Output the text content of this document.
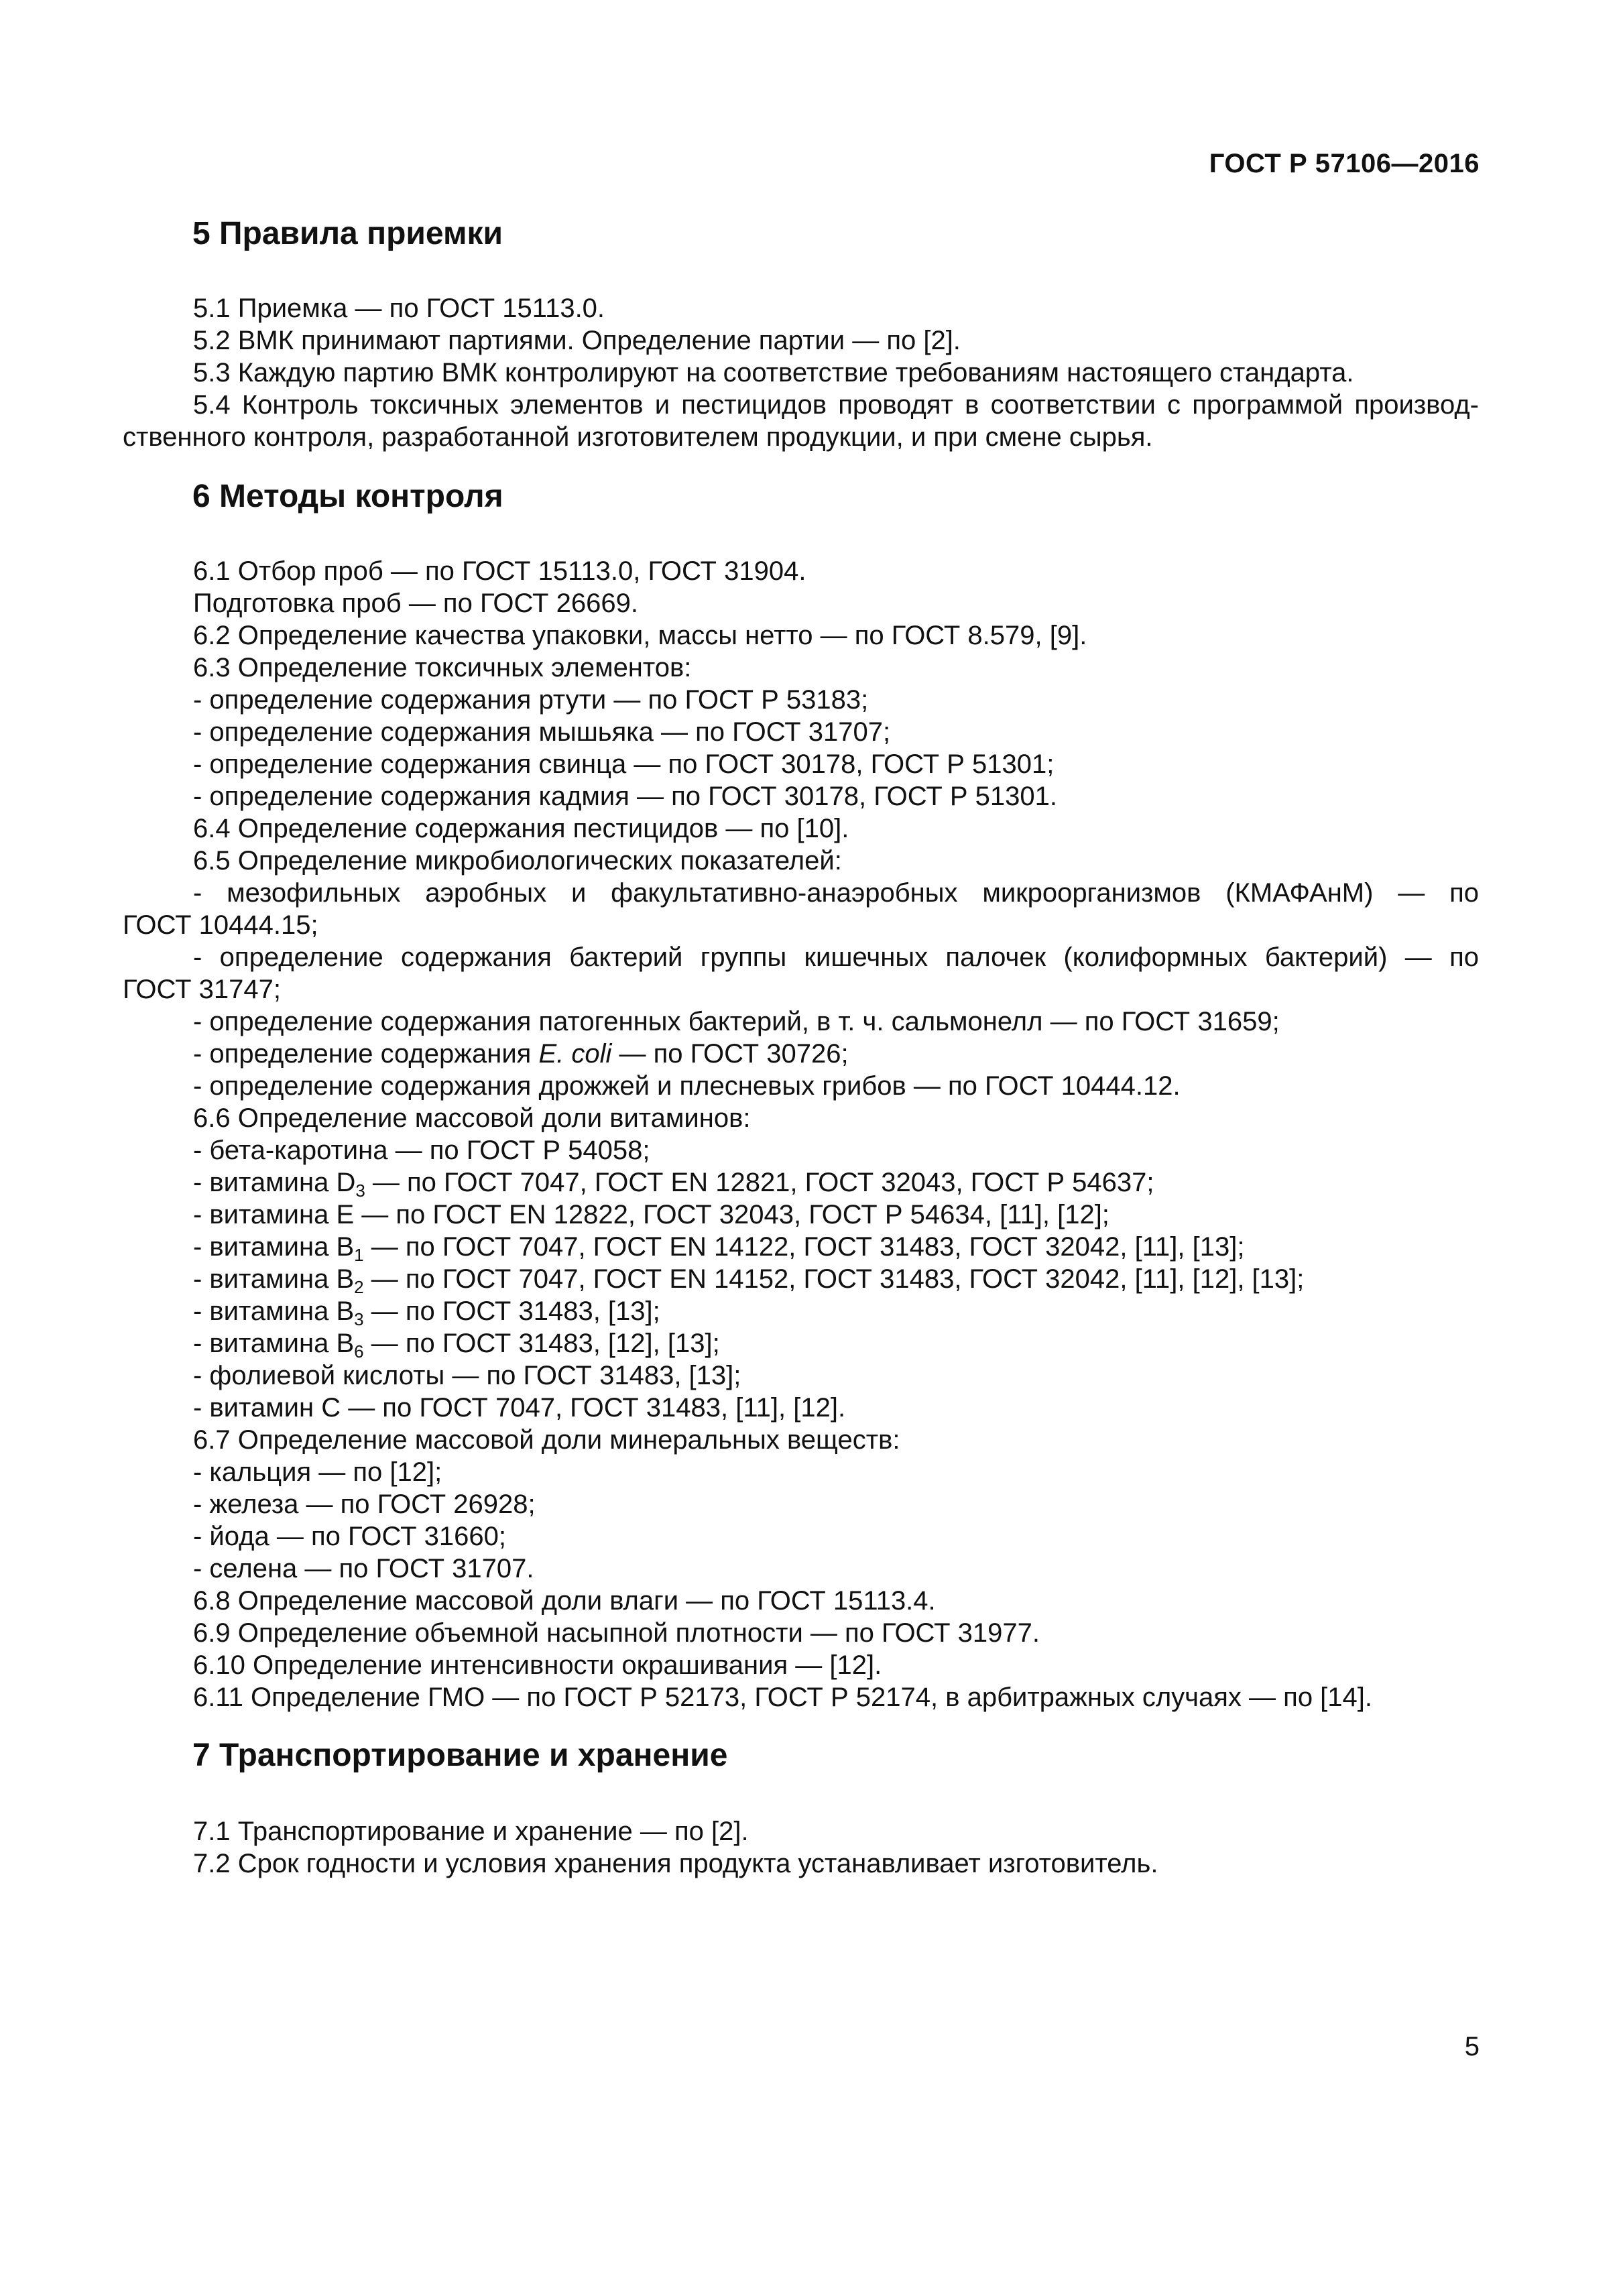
ГОСТ Р 57106—2016
5 Правила приемки
5.1 Приемка — по ГОСТ 15113.0.
5.2 ВМК принимают партиями. Определение партии — по [2].
5.3 Каждую партию ВМК контролируют на соответствие требованиям настоящего стандарта.
5.4 Контроль токсичных элементов и пестицидов проводят в соответствии с программой производ-
ственного контроля, разработанной изготовителем продукции, и при смене сырья.
6 Методы контроля
6.1 Отбор проб — по ГОСТ 15113.0, ГОСТ 31904.
Подготовка проб — по ГОСТ 26669.
6.2 Определение качества упаковки, массы нетто — по ГОСТ 8.579, [9].
6.3 Определение токсичных элементов:
- определение содержания ртути — по ГОСТ Р 53183;
- определение содержания мышьяка — по ГОСТ 31707;
- определение содержания свинца — по ГОСТ 30178, ГОСТ Р 51301;
- определение содержания кадмия — по ГОСТ 30178, ГОСТ Р 51301.
6.4 Определение содержания пестицидов — по [10].
6.5 Определение микробиологических показателей:
- мезофильных аэробных и факультативно-анаэробных микроорганизмов (КМАФАнМ) — по
ГОСТ 10444.15;
- определение содержания бактерий группы кишечных палочек (колиформных бактерий) — по
ГОСТ 31747;
- определение содержания патогенных бактерий, в т. ч. сальмонелл — по ГОСТ 31659;
- определение содержания E. coli — по ГОСТ 30726;
- определение содержания дрожжей и плесневых грибов — по ГОСТ 10444.12.
6.6 Определение массовой доли витаминов:
- бета-каротина — по ГОСТ Р 54058;
- витамина $D_3$ — по ГОСТ 7047, ГОСТ EN 12821, ГОСТ 32043, ГОСТ Р 54637;
- витамина Е — по ГОСТ EN 12822, ГОСТ 32043, ГОСТ Р 54634, [11], [12];
- витамина $В_1$ — по ГОСТ 7047, ГОСТ EN 14122, ГОСТ 31483, ГОСТ 32042, [11], [13];
- витамина $В_2$ — по ГОСТ 7047, ГОСТ EN 14152, ГОСТ 31483, ГОСТ 32042, [11], [12], [13];
- витамина $В_3$ — по ГОСТ 31483, [13];
- витамина $В_6$ — по ГОСТ 31483, [12], [13];
- фолиевой кислоты — по ГОСТ 31483, [13];
- витамин С — по ГОСТ 7047, ГОСТ 31483, [11], [12].
6.7 Определение массовой доли минеральных веществ:
- кальция — по [12];
- железа — по ГОСТ 26928;
- йода — по ГОСТ 31660;
- селена — по ГОСТ 31707.
6.8 Определение массовой доли влаги — по ГОСТ 15113.4.
6.9 Определение объемной насыпной плотности — по ГОСТ 31977.
6.10 Определение интенсивности окрашивания — [12].
6.11 Определение ГМО — по ГОСТ Р 52173, ГОСТ Р 52174, в арбитражных случаях — по [14].
7 Транспортирование и хранение
7.1 Транспортирование и хранение — по [2].
7.2 Срок годности и условия хранения продукта устанавливает изготовитель.
5
